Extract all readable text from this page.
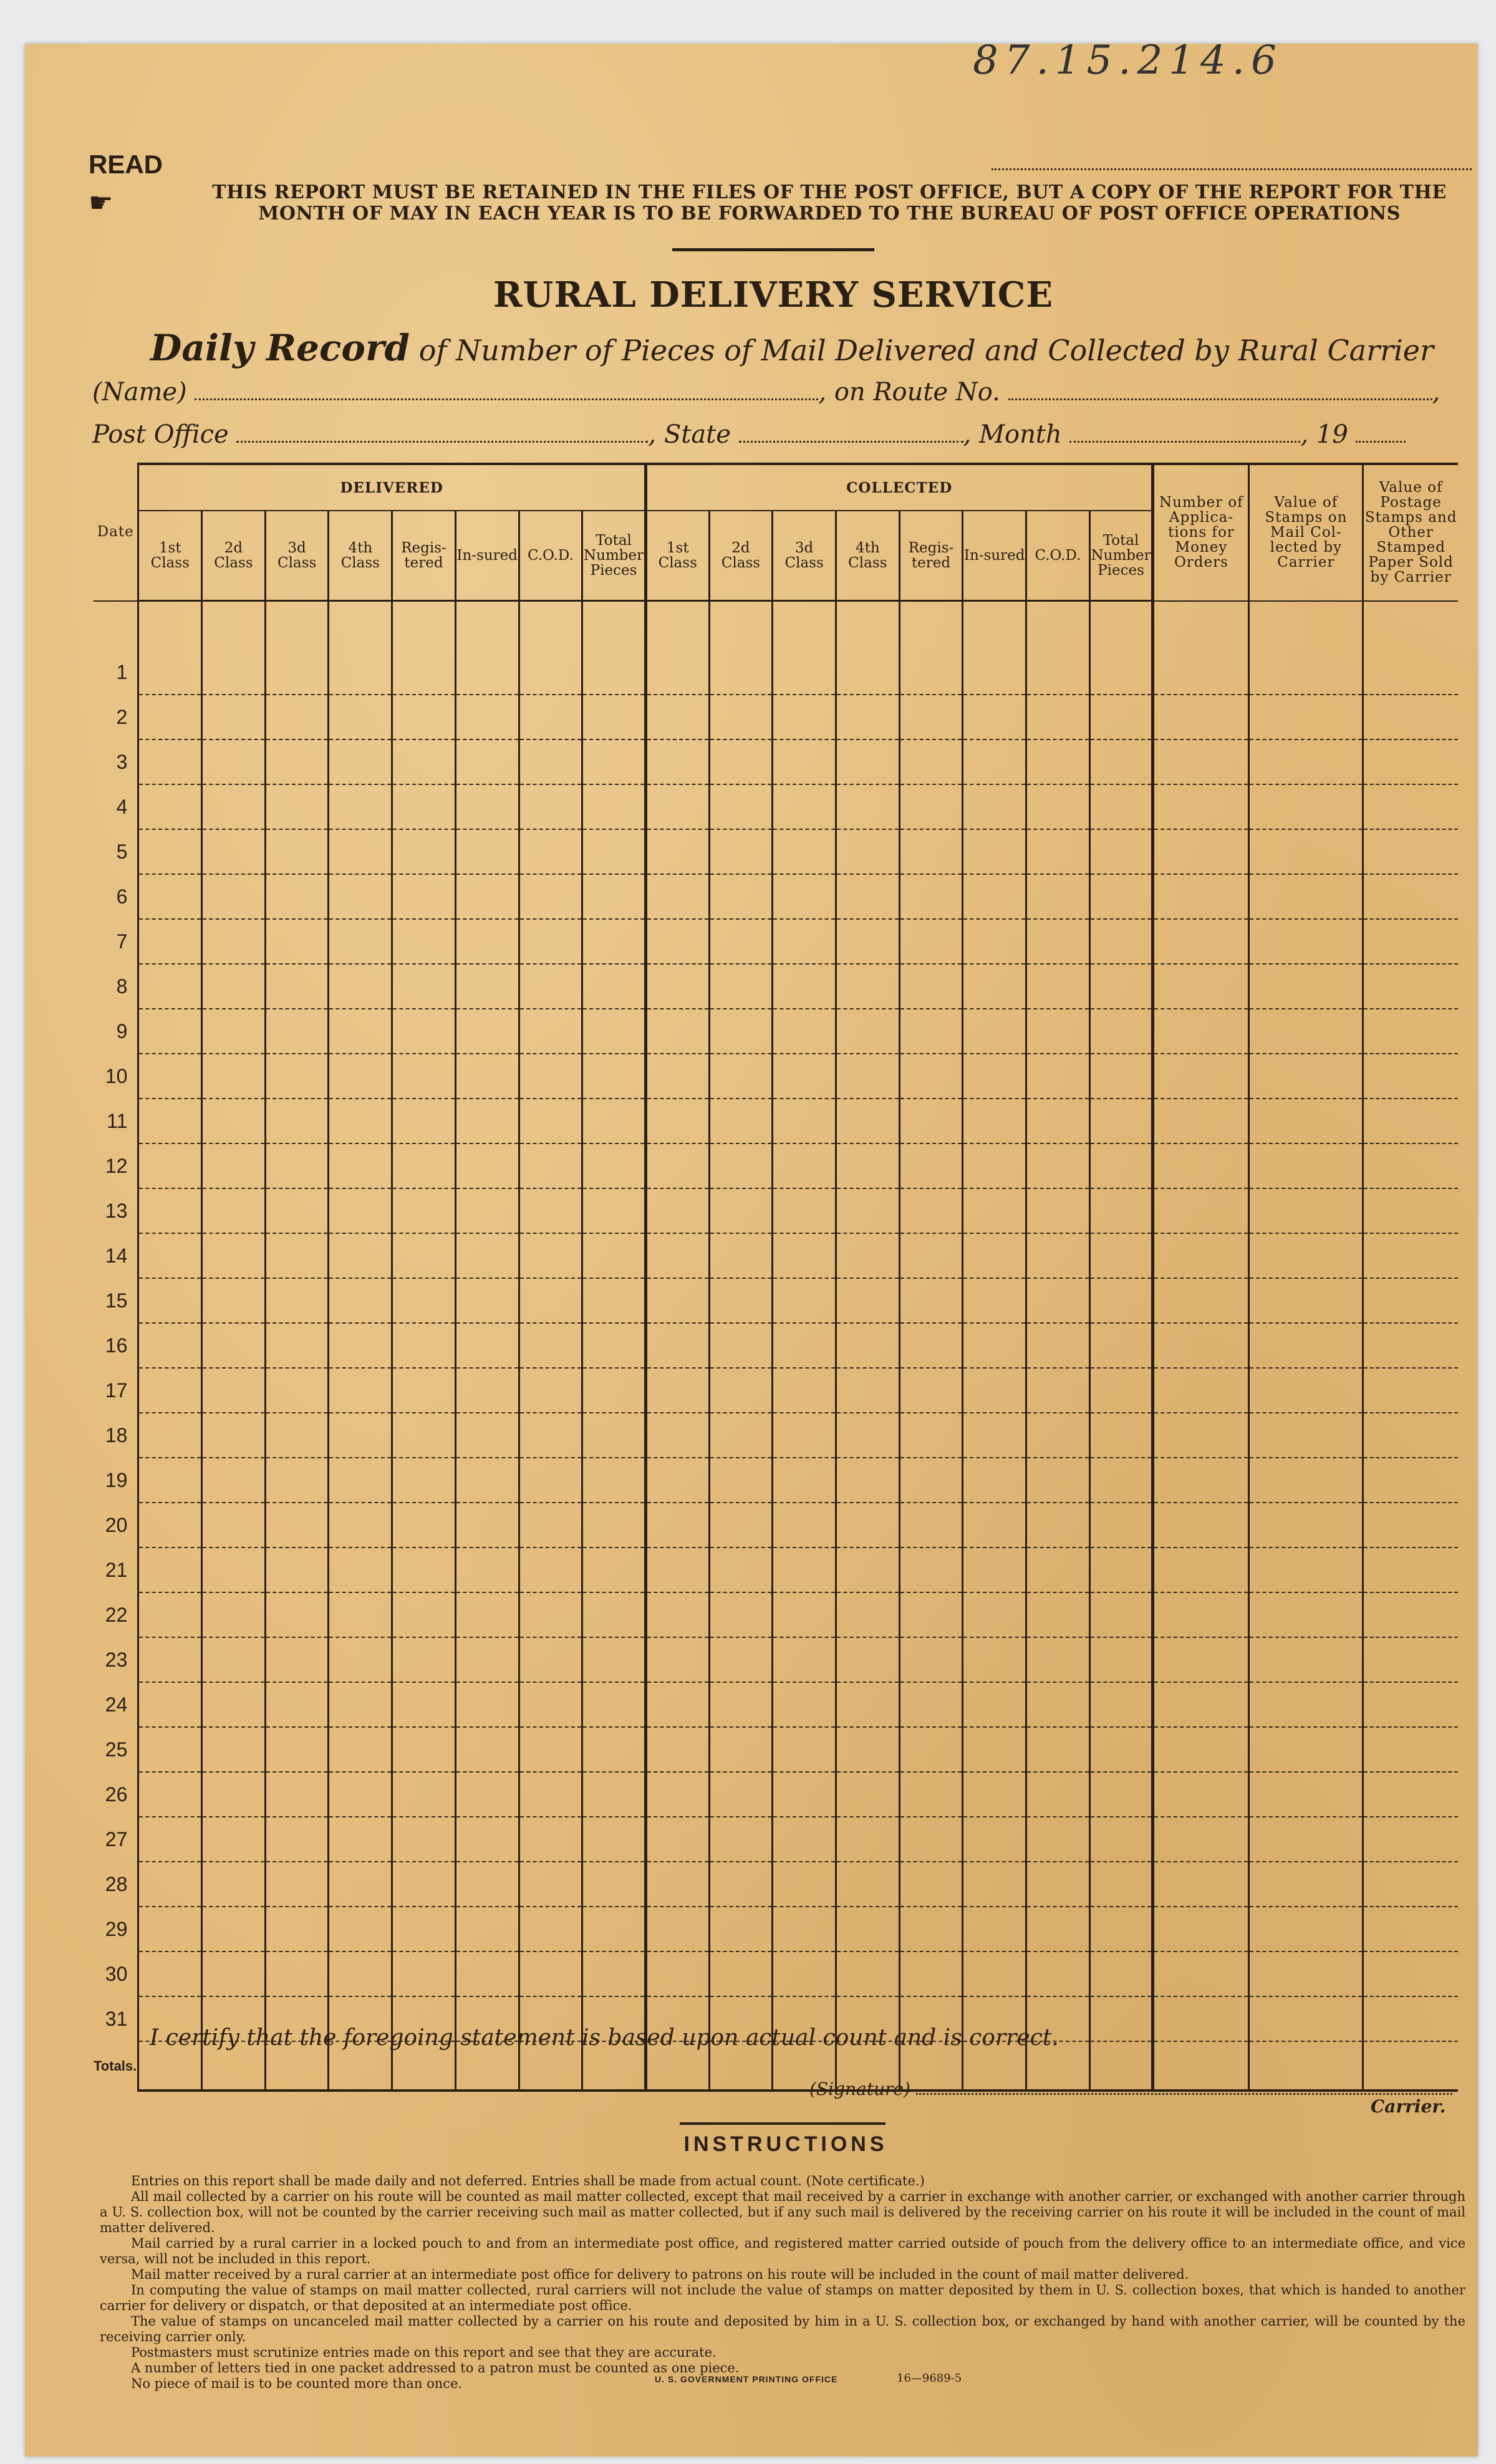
87.15.214.6
READ
☛	THIS REPORT MUST BE RETAINED IN THE FILES OF THE POST OFFICE, BUT A COPY OF THE REPORT FOR THE MONTH OF MAY IN EACH YEAR IS TO BE FORWARDED TO THE BUREAU OF POST OFFICE OPERATIONS
RURAL DELIVERY SERVICE
Daily Record of Number of Pieces of Mail Delivered and Collected by Rural Carrier
(Name)	, on Route No.	,
Post Office	, State	, Month	, 19
Date	DELIVERED								COLLECTED								Number of Applica-tions for Money Orders	Value of Stamps on Mail Col-lected by Carrier	Value of Postage Stamps and Other Stamped Paper Sold by Carrier
	1st Class	2d Class	3d Class	4th Class	Regis-tered	In-sured	C.O.D.	Total Number Pieces	1st Class	2d Class	3d Class	4th Class	Regis-tered	In-sured	C.O.D.	Total Number Pieces			

1																			
2																			
3																			
4																			
5																			
6																			
7																			
8																			
9																			
10																			
11																			
12																			
13																			
14																			
15																			
16																			
17																			
18																			
19																			
20																			
21																			
22																			
23																			
24																			
25																			
26																			
27																			
28																			
29																			
30																			
31																			
Totals.																			
I certify that the foregoing statement is based upon actual count and is correct.
(Signature)
Carrier.
INSTRUCTIONS

Entries on this report shall be made daily and not deferred. Entries shall be made from actual count. (Note certificate.)

All mail collected by a carrier on his route will be counted as mail matter collected, except that mail received by a carrier in exchange with another carrier, or exchanged with another carrier through a U. S. collection box, will not be counted by the carrier receiving such mail as matter collected, but if any such mail is delivered by the receiving carrier on his route it will be included in the count of mail matter delivered.

Mail carried by a rural carrier in a locked pouch to and from an intermediate post office, and registered matter carried outside of pouch from the delivery office to an intermediate office, and vice versa, will not be included in this report.

Mail matter received by a rural carrier at an intermediate post office for delivery to patrons on his route will be included in the count of mail matter delivered.

In computing the value of stamps on mail matter collected, rural carriers will not include the value of stamps on matter deposited by them in U. S. collection boxes, that which is handed to another carrier for delivery or dispatch, or that deposited at an intermediate post office.

The value of stamps on uncanceled mail matter collected by a carrier on his route and deposited by him in a U. S. collection box, or exchanged by hand with another carrier, will be counted by the receiving carrier only.

Postmasters must scrutinize entries made on this report and see that they are accurate.

A number of letters tied in one packet addressed to a patron must be counted as one piece.

No piece of mail is to be counted more than once.	U. S. GOVERNMENT PRINTING OFFICE	16—9689-5
